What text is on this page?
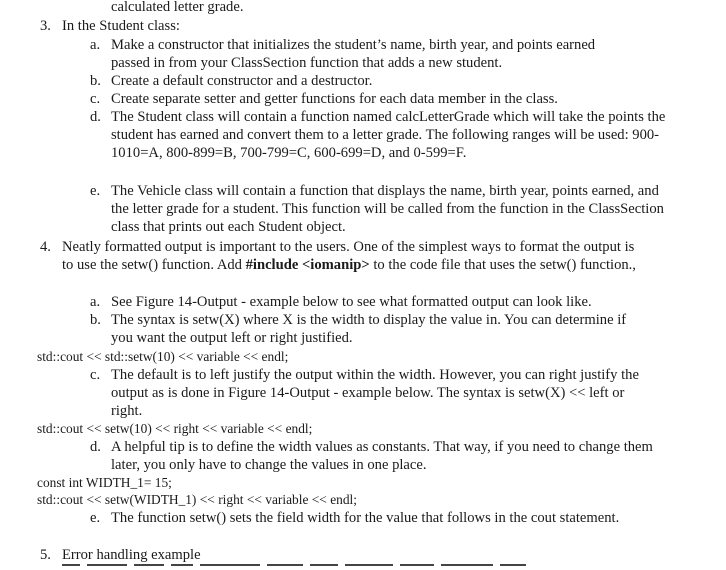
calculated letter grade.

3. In the Student class:

a. Make a constructor that initializes the student’s name, birth year, and points earned passed in from your ClassSection function that adds a new student.

b. Create a default constructor and a destructor.

c. Create separate setter and getter functions for each data member in the class.

d. The Student class will contain a function named calcLetterGrade which will take the points the student has earned and convert them to a letter grade. The following ranges will be used: 900-1010=A, 800-899=B, 700-799=C, 600-699=D, and 0-599=F.

e. The Vehicle class will contain a function that displays the name, birth year, points earned, and the letter grade for a student. This function will be called from the function in the ClassSection class that prints out each Student object.

4. Neatly formatted output is important to the users. One of the simplest ways to format the output is to use the setw() function. Add #include <iomanip> to the code file that uses the setw() function.,

a. See Figure 14-Output - example below to see what formatted output can look like.

b. The syntax is setw(X) where X is the width to display the value in. You can determine if you want the output left or right justified.

std::cout << std::setw(10) << variable << endl;
c. The default is to left justify the output within the width. However, you can right justify the output as is done in Figure 14-Output - example below. The syntax is setw(X) << left or right.

std::cout << setw(10) << right << variable << endl;
d. A helpful tip is to define the width values as constants. That way, if you need to change them later, you only have to change the values in one place.

const int WIDTH_1= 15;
std::cout << setw(WIDTH_1) << right << variable << endl;
e. The function setw() sets the field width for the value that follows in the cout statement.

5. Error handling example
